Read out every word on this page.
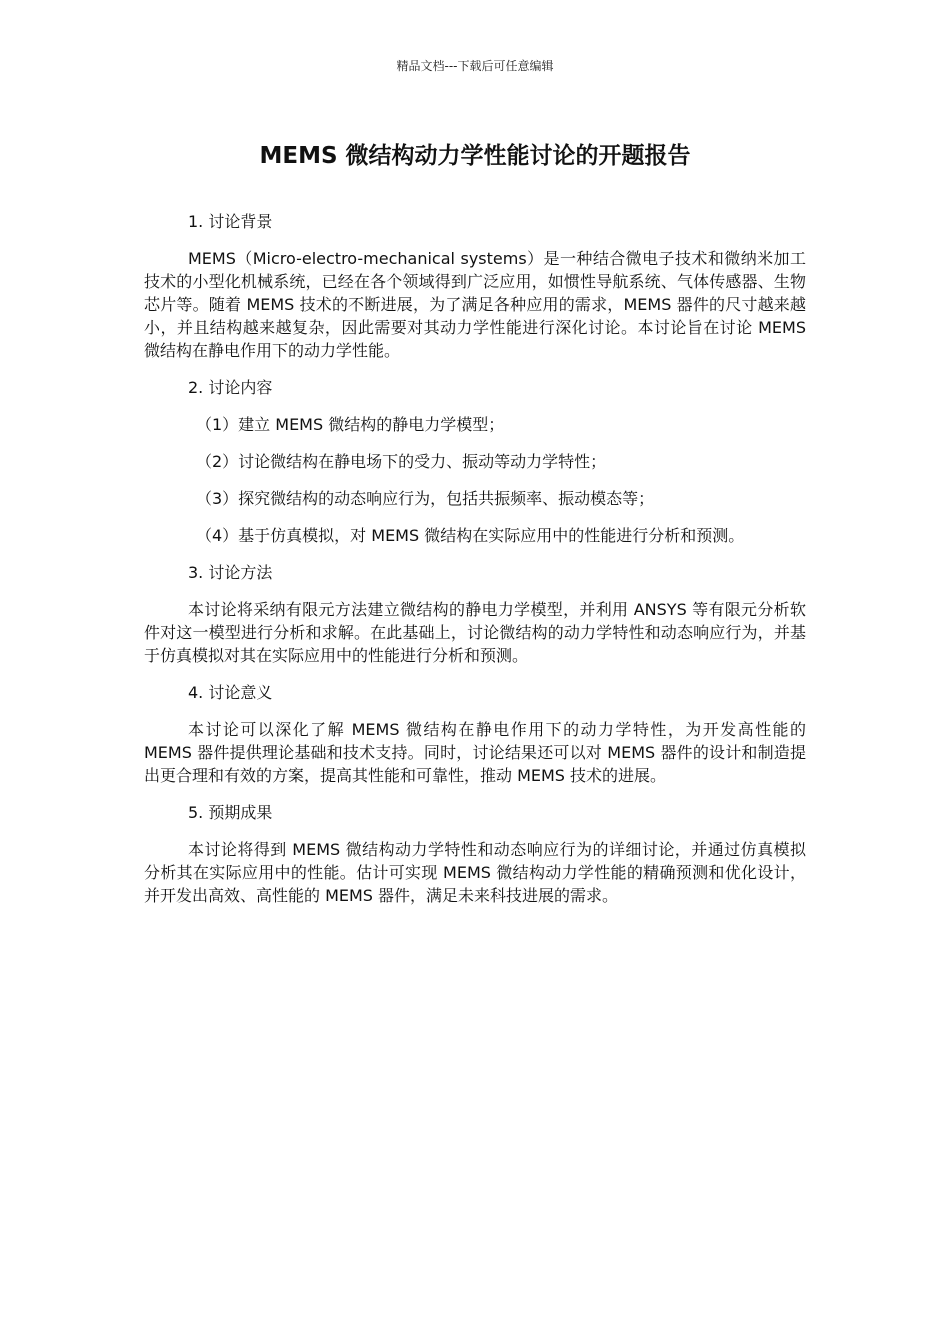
精品文档---下载后可任意编辑
MEMS 微结构动力学性能讨论的开题报告

1. 讨论背景

MEMS（Micro-electro-mechanical systems）是一种结合微电子技术和微纳米加工技术的小型化机械系统，已经在各个领域得到广泛应用，如惯性导航系统、气体传感器、生物芯片等。随着 MEMS 技术的不断进展，为了满足各种应用的需求，MEMS 器件的尺寸越来越小，并且结构越来越复杂，因此需要对其动力学性能进行深化讨论。本讨论旨在讨论 MEMS 微结构在静电作用下的动力学性能。

2. 讨论内容

（1）建立 MEMS 微结构的静电力学模型；

（2）讨论微结构在静电场下的受力、振动等动力学特性；

（3）探究微结构的动态响应行为，包括共振频率、振动模态等；

（4）基于仿真模拟，对 MEMS 微结构在实际应用中的性能进行分析和预测。

3. 讨论方法

本讨论将采纳有限元方法建立微结构的静电力学模型，并利用 ANSYS 等有限元分析软件对这一模型进行分析和求解。在此基础上，讨论微结构的动力学特性和动态响应行为，并基于仿真模拟对其在实际应用中的性能进行分析和预测。

4. 讨论意义

本讨论可以深化了解 MEMS 微结构在静电作用下的动力学特性，为开发高性能的 MEMS 器件提供理论基础和技术支持。同时，讨论结果还可以对 MEMS 器件的设计和制造提出更合理和有效的方案，提高其性能和可靠性，推动 MEMS 技术的进展。

5. 预期成果

本讨论将得到 MEMS 微结构动力学特性和动态响应行为的详细讨论，并通过仿真模拟分析其在实际应用中的性能。估计可实现 MEMS 微结构动力学性能的精确预测和优化设计，并开发出高效、高性能的 MEMS 器件，满足未来科技进展的需求。
